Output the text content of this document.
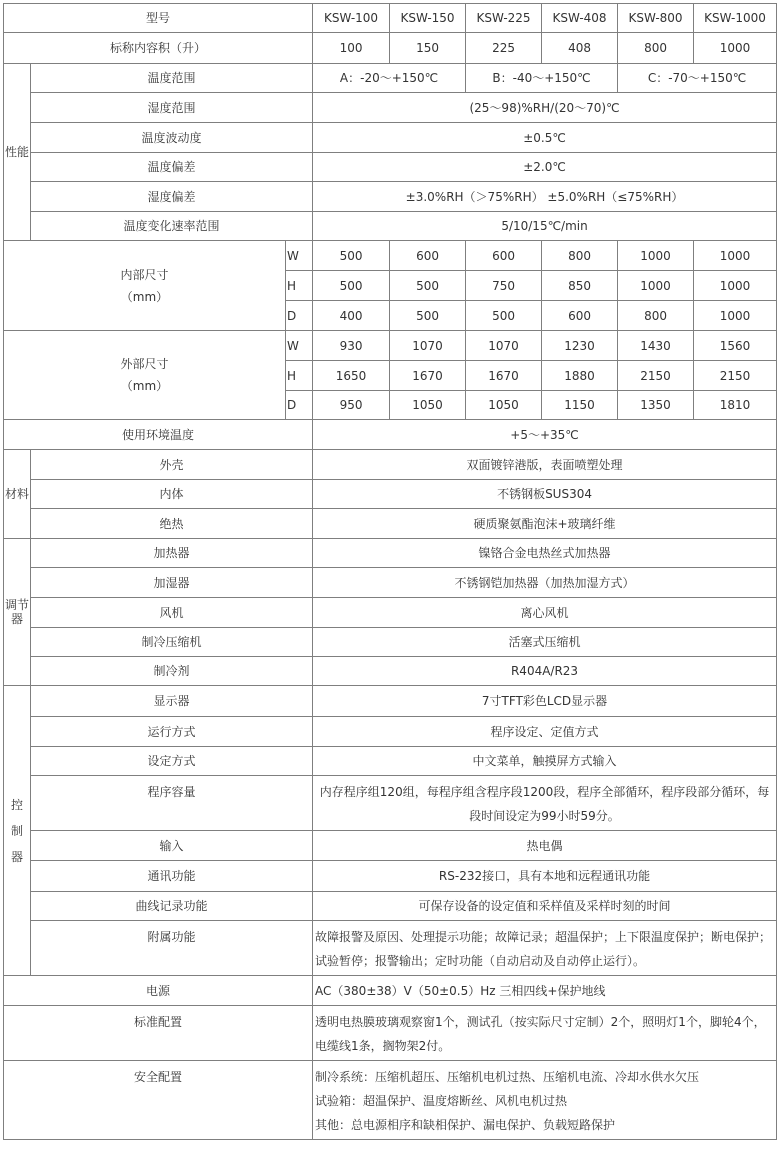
型号			KSW-100	KSW-150	KSW-225	KSW-408	KSW-800	KSW-1000
标称内容积（升）			100	150	225	408	800	1000
性能	温度范围		A：-20～+150℃		B：-40～+150℃		C：-70～+150℃	
	湿度范围		(25～98)%RH/(20～70)℃					
	温度波动度		±0.5℃					
	温度偏差		±2.0℃					
	湿度偏差		±3.0%RH（＞75%RH） ±5.0%RH（≤75%RH）					
	温度变化速率范围		5/10/15℃/min					
内部尺寸
（mm）		W	500	600	600	800	1000	1000
		H	500	500	750	850	1000	1000
		D	400	500	500	600	800	1000
外部尺寸
（mm）		W	930	1070	1070	1230	1430	1560
		H	1650	1670	1670	1880	2150	2150
		D	950	1050	1050	1150	1350	1810
使用环境温度			+5～+35℃					
材料	外壳		双面镀锌港版，表面喷塑处理					
	内体		不锈钢板SUS304					
	绝热		硬质聚氨酯泡沫+玻璃纤维					
调节器	加热器		镍铬合金电热丝式加热器					
	加湿器		不锈钢铠加热器（加热加湿方式）					
	风机		离心风机					
	制冷压缩机		活塞式压缩机					
	制冷剂		R404A/R23					
控制器	显示器		7寸TFT彩色LCD显示器					
	运行方式		程序设定、定值方式					
	设定方式		中文菜单，触摸屏方式输入					
	程序容量		内存程序组120组，每程序组含程序段1200段，程序全部循环，程序段部分循环，每段时间设定为99小时59分。					
	输入		热电偶					
	通讯功能		RS-232接口，具有本地和远程通讯功能					
	曲线记录功能		可保存设备的设定值和采样值及采样时刻的时间					
	附属功能		故障报警及原因、处理提示功能；故障记录；超温保护；上下限温度保护；断电保护；试验暂停；报警输出；定时功能（自动启动及自动停止运行）。					
电源			AC（380±38）V（50±0.5）Hz 三相四线+保护地线					
标准配置			透明电热膜玻璃观察窗1个，测试孔（按实际尺寸定制）2个，照明灯1个，脚轮4个，电缆线1条，搁物架2付。					
安全配置			制冷系统：压缩机超压、压缩机电机过热、压缩机电流、冷却水供水欠压
试验箱：超温保护、温度熔断丝、风机电机过热
其他：总电源相序和缺相保护、漏电保护、负载短路保护					
